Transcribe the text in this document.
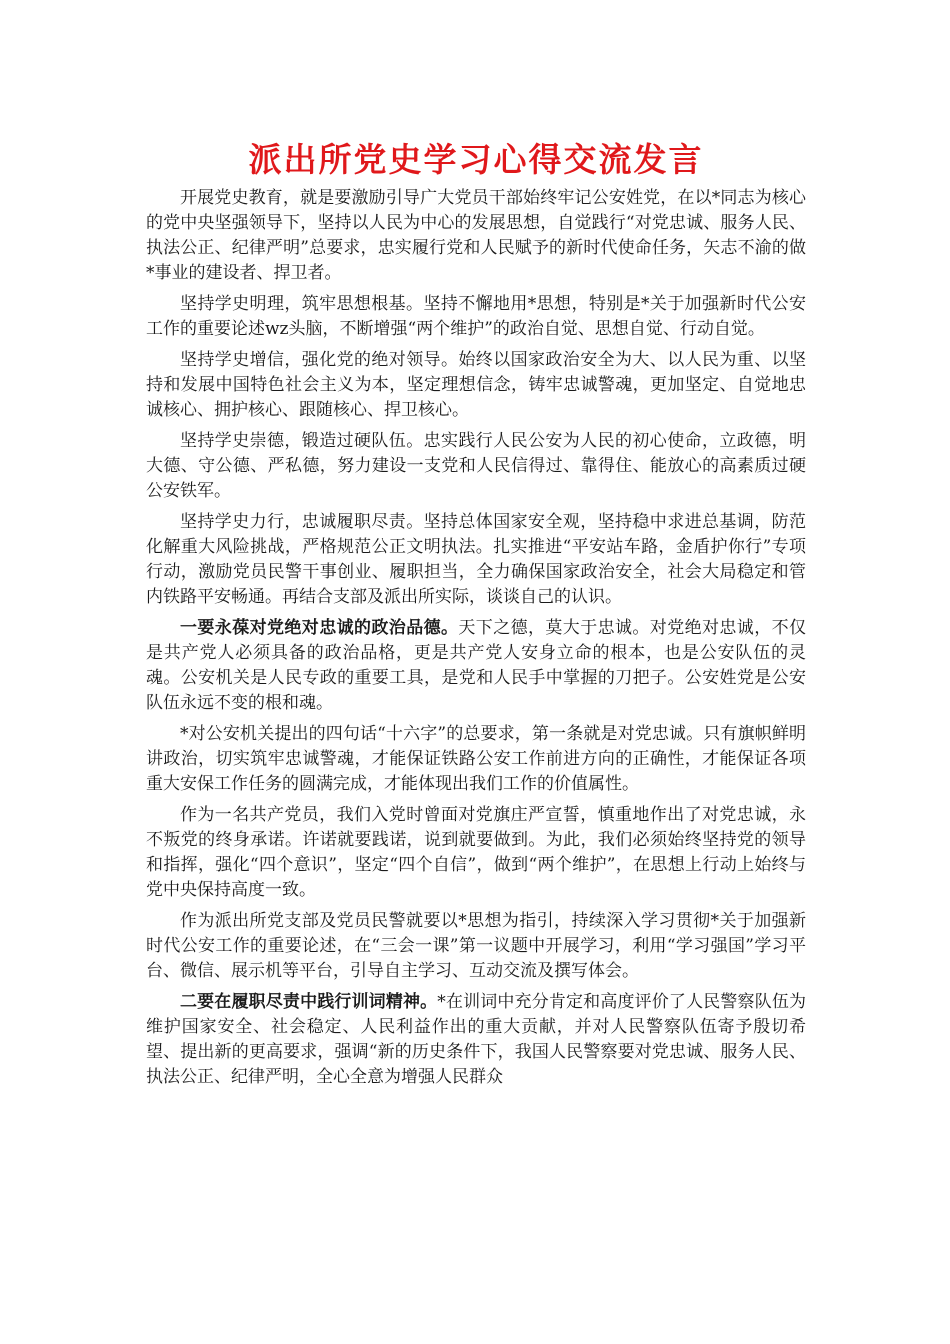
派出所党史学习心得交流发言

开展党史教育，就是要激励引导广大党员干部始终牢记公安姓党，在以*同志为核心的党中央坚强领导下，坚持以人民为中心的发展思想，自觉践行“对党忠诚、服务人民、执法公正、纪律严明”总要求，忠实履行党和人民赋予的新时代使命任务，矢志不渝的做*事业的建设者、捍卫者。

坚持学史明理，筑牢思想根基。坚持不懈地用*思想，特别是*关于加强新时代公安工作的重要论述wz头脑，不断增强“两个维护”的政治自觉、思想自觉、行动自觉。

坚持学史增信，强化党的绝对领导。始终以国家政治安全为大、以人民为重、以坚持和发展中国特色社会主义为本，坚定理想信念，铸牢忠诚警魂，更加坚定、自觉地忠诚核心、拥护核心、跟随核心、捍卫核心。

坚持学史崇德，锻造过硬队伍。忠实践行人民公安为人民的初心使命，立政德，明大德、守公德、严私德，努力建设一支党和人民信得过、靠得住、能放心的高素质过硬公安铁军。

坚持学史力行，忠诚履职尽责。坚持总体国家安全观，坚持稳中求进总基调，防范化解重大风险挑战，严格规范公正文明执法。扎实推进“平安站车路，金盾护你行”专项行动，激励党员民警干事创业、履职担当，全力确保国家政治安全，社会大局稳定和管内铁路平安畅通。再结合支部及派出所实际，谈谈自己的认识。

一要永葆对党绝对忠诚的政治品德。天下之德，莫大于忠诚。对党绝对忠诚，不仅是共产党人必须具备的政治品格，更是共产党人安身立命的根本，也是公安队伍的灵魂。公安机关是人民专政的重要工具，是党和人民手中掌握的刀把子。公安姓党是公安队伍永远不变的根和魂。

*对公安机关提出的四句话“十六字”的总要求，第一条就是对党忠诚。只有旗帜鲜明讲政治，切实筑牢忠诚警魂，才能保证铁路公安工作前进方向的正确性，才能保证各项重大安保工作任务的圆满完成，才能体现出我们工作的价值属性。

作为一名共产党员，我们入党时曾面对党旗庄严宣誓，慎重地作出了对党忠诚，永不叛党的终身承诺。许诺就要践诺，说到就要做到。为此，我们必须始终坚持党的领导和指挥，强化“四个意识”，坚定“四个自信”，做到“两个维护”，在思想上行动上始终与党中央保持高度一致。

作为派出所党支部及党员民警就要以*思想为指引，持续深入学习贯彻*关于加强新时代公安工作的重要论述，在“三会一课”第一议题中开展学习，利用“学习强国”学习平台、微信、展示机等平台，引导自主学习、互动交流及撰写体会。

二要在履职尽责中践行训词精神。*在训词中充分肯定和高度评价了人民警察队伍为维护国家安全、社会稳定、人民利益作出的重大贡献，并对人民警察队伍寄予殷切希望、提出新的更高要求，强调“新的历史条件下，我国人民警察要对党忠诚、服务人民、执法公正、纪律严明，全心全意为增强人民群众
